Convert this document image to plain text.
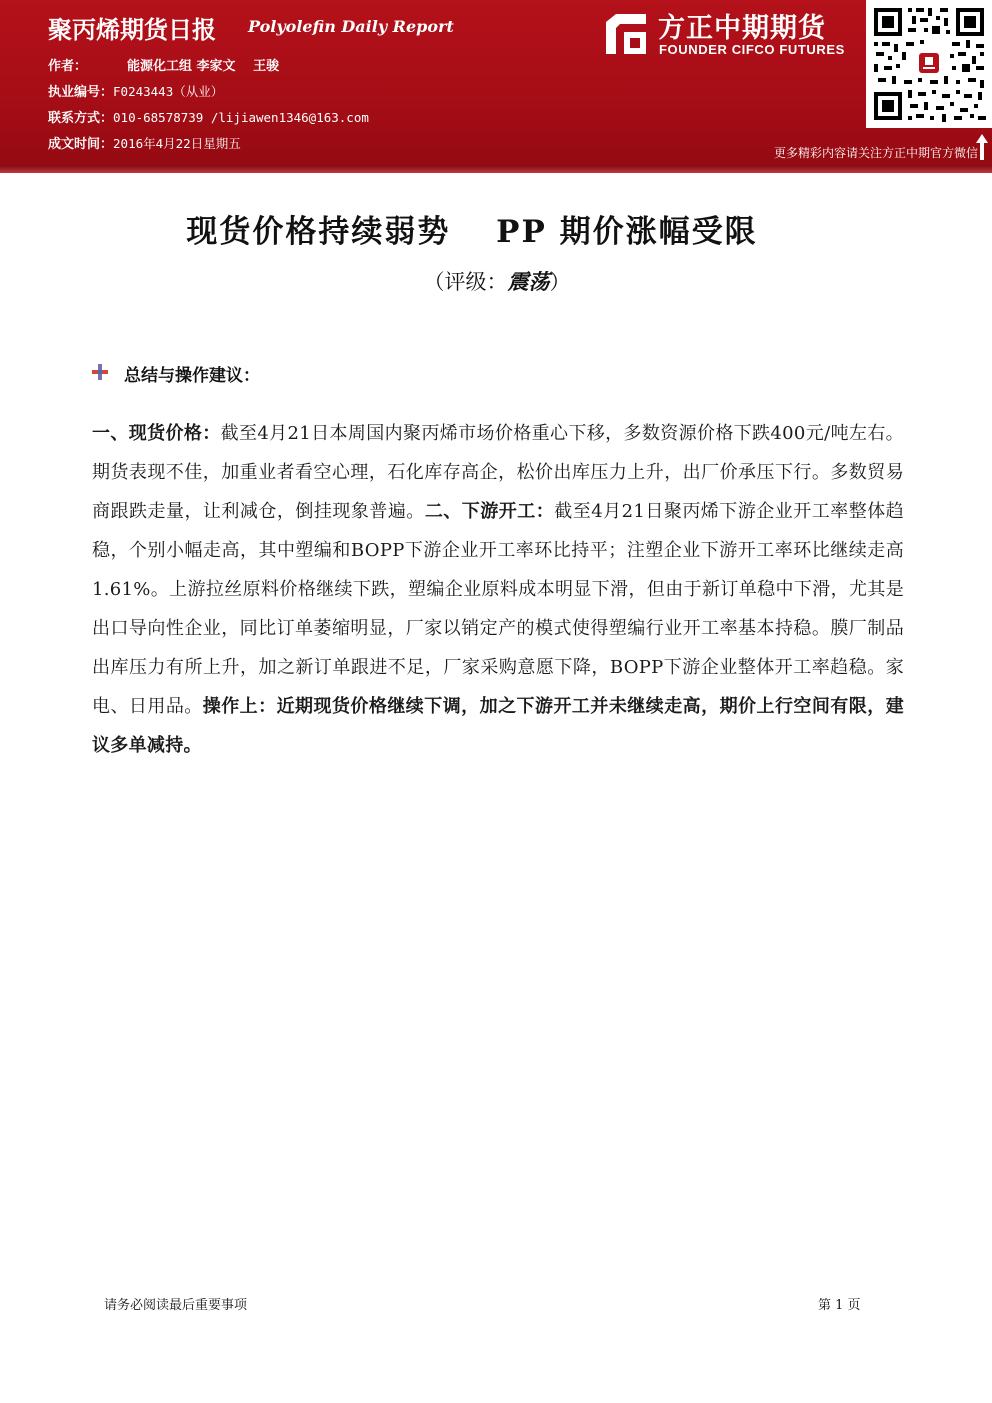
聚丙烯期货日报 Polyolefin Daily Report
作者：	能源化工组 李家文　 王骏
执业编号：F0243443（从业）
联系方式：010-68578739 /lijiawen1346@163.com
成文时间：2016年4月22日星期五
方正中期期货
FOUNDER CIFCO FUTURES
更多精彩内容请关注方正中期官方微信
现货价格持续弱势　 PP 期价涨幅受限
（评级：震荡）
总结与操作建议：
一、现货价格：截至4月21日本周国内聚丙烯市场价格重心下移，多数资源价格下跌400元/吨左右。期货表现不佳，加重业者看空心理，石化库存高企，松价出库压力上升，出厂价承压下行。多数贸易商跟跌走量，让利减仓，倒挂现象普遍。二、下游开工：截至4月21日聚丙烯下游企业开工率整体趋稳，个别小幅走高，其中塑编和BOPP下游企业开工率环比持平；注塑企业下游开工率环比继续走高1.61%。上游拉丝原料价格继续下跌，塑编企业原料成本明显下滑，但由于新订单稳中下滑，尤其是出口导向性企业，同比订单萎缩明显，厂家以销定产的模式使得塑编行业开工率基本持稳。膜厂制品出库压力有所上升，加之新订单跟进不足，厂家采购意愿下降，BOPP下游企业整体开工率趋稳。家电、日用品。操作上：近期现货价格继续下调，加之下游开工并未继续走高，期价上行空间有限，建议多单减持。
请务必阅读最后重要事项	第 1 页
